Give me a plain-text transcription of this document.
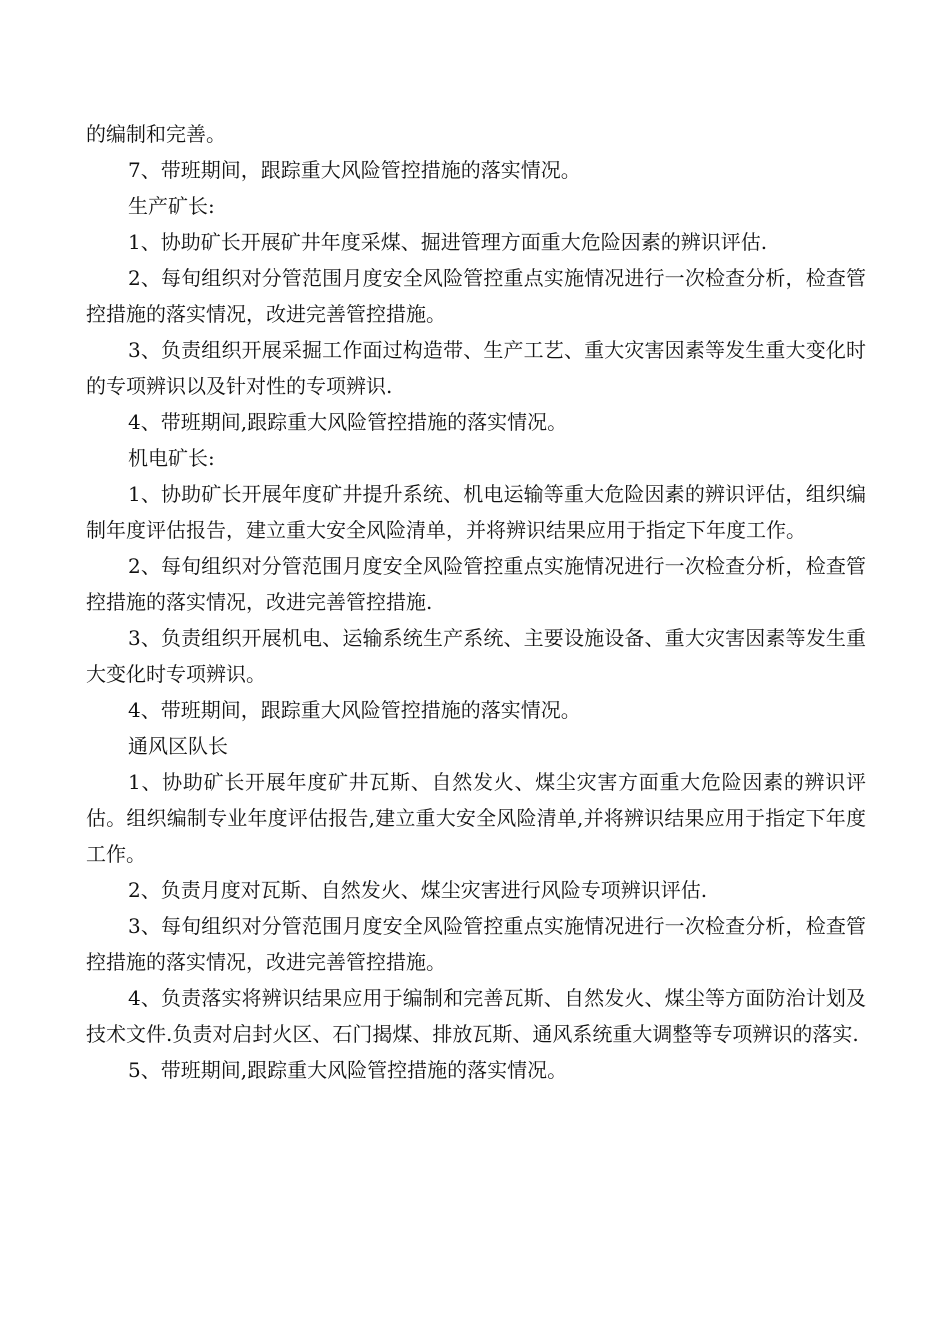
的编制和完善。

7、带班期间，跟踪重大风险管控措施的落实情况。

生产矿长:

1、协助矿长开展矿井年度采煤、掘进管理方面重大危险因素的辨识评估.

2、每旬组织对分管范围月度安全风险管控重点实施情况进行一次检查分析，检查管控措施的落实情况，改进完善管控措施。

3、负责组织开展采掘工作面过构造带、生产工艺、重大灾害因素等发生重大变化时的专项辨识以及针对性的专项辨识.

4、带班期间,跟踪重大风险管控措施的落实情况。

机电矿长:

1、协助矿长开展年度矿井提升系统、机电运输等重大危险因素的辨识评估，组织编制年度评估报告，建立重大安全风险清单，并将辨识结果应用于指定下年度工作。

2、每旬组织对分管范围月度安全风险管控重点实施情况进行一次检查分析，检查管控措施的落实情况，改进完善管控措施.

3、负责组织开展机电、运输系统生产系统、主要设施设备、重大灾害因素等发生重大变化时专项辨识。

4、带班期间，跟踪重大风险管控措施的落实情况。

通风区队长

1、协助矿长开展年度矿井瓦斯、自然发火、煤尘灾害方面重大危险因素的辨识评估。组织编制专业年度评估报告,建立重大安全风险清单,并将辨识结果应用于指定下年度工作。

2、负责月度对瓦斯、自然发火、煤尘灾害进行风险专项辨识评估.

3、每旬组织对分管范围月度安全风险管控重点实施情况进行一次检查分析，检查管控措施的落实情况，改进完善管控措施。

4、负责落实将辨识结果应用于编制和完善瓦斯、自然发火、煤尘等方面防治计划及技术文件.负责对启封火区、石门揭煤、排放瓦斯、通风系统重大调整等专项辨识的落实.

5、带班期间,跟踪重大风险管控措施的落实情况。
